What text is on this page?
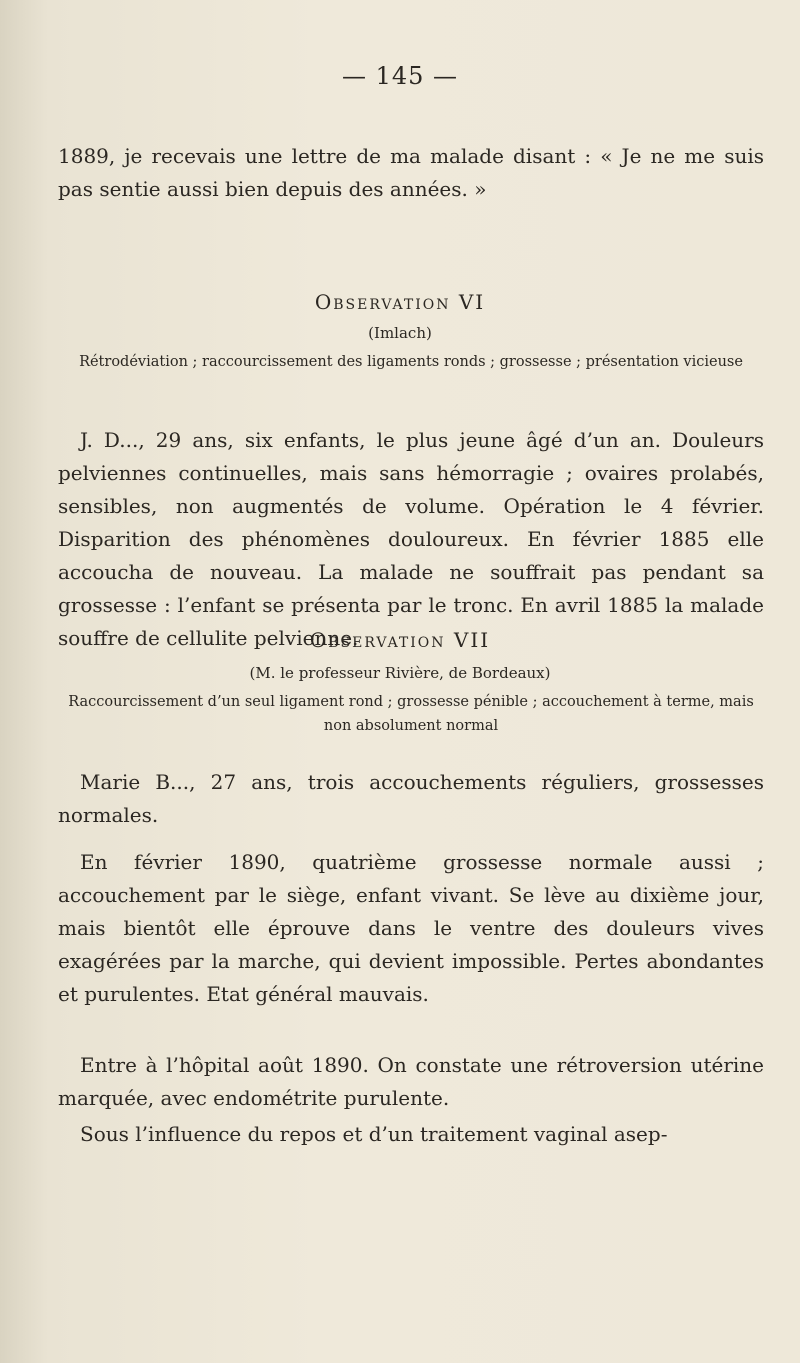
— 145 —

1889, je recevais une lettre de ma malade disant : « Je ne me suis pas sentie aussi bien depuis des années. »

Observation VI
(Imlach)

Rétrodéviation ; raccourcissement des ligaments ronds ; grossesse ; présentation vicieuse

J. D..., 29 ans, six enfants, le plus jeune âgé d’un an. Douleurs pelviennes continuelles, mais sans hémorragie ; ovaires prolabés, sensibles, non augmentés de volume. Opération le 4 février. Disparition des phénomènes douloureux. En février 1885 elle accoucha de nouveau. La malade ne souffrait pas pendant sa grossesse : l’enfant se présenta par le tronc. En avril 1885 la malade souffre de cellulite pelvienne.

Observation VII
(M. le professeur Rivière, de Bordeaux)

Raccourcissement d’un seul ligament rond ; grossesse pénible ; accouchement à terme, mais non absolument normal

Marie B..., 27 ans, trois accouchements réguliers, grossesses normales.

En février 1890, quatrième grossesse normale aussi ; accouchement par le siège, enfant vivant. Se lève au dixième jour, mais bientôt elle éprouve dans le ventre des douleurs vives exagérées par la marche, qui devient impossible. Pertes abondantes et purulentes. Etat général mauvais.

Entre à l’hôpital août 1890. On constate une rétroversion utérine marquée, avec endométrite purulente.

Sous l’influence du repos et d’un traitement vaginal asep-
